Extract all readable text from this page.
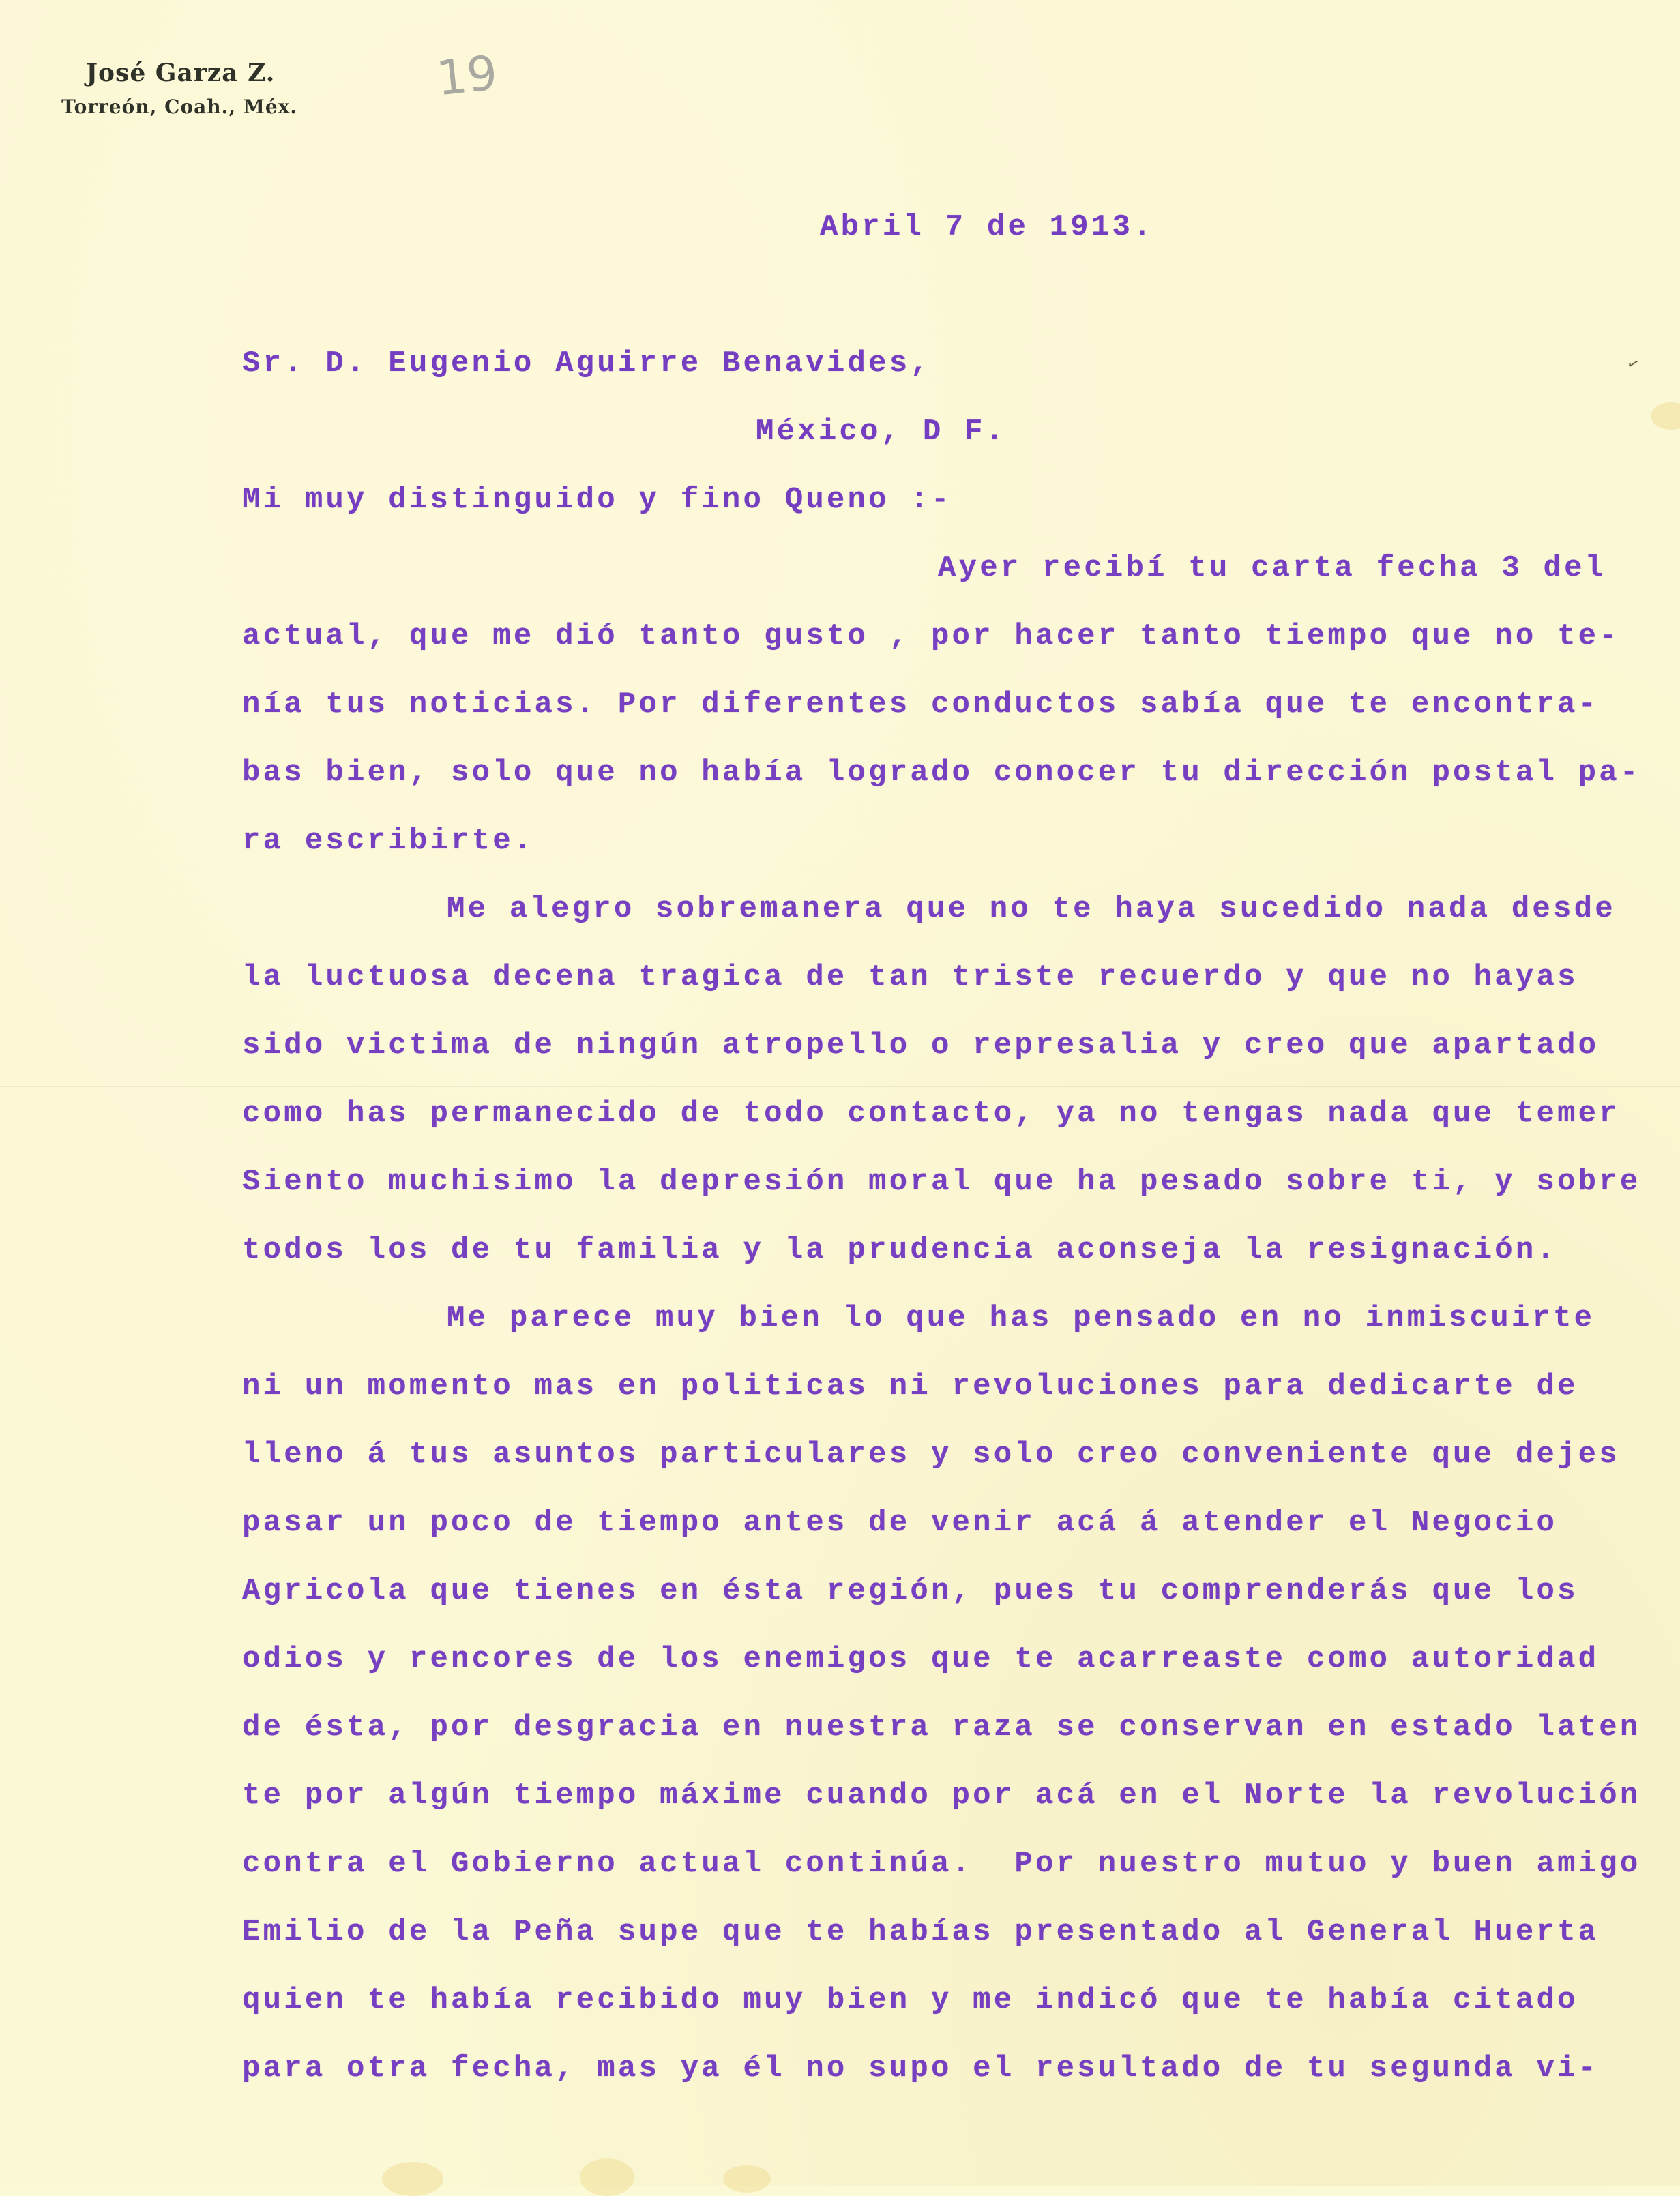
José Garza Z.
Torreón, Coah., Méx.
19
✓
Abril 7 de 1913.
Sr. D. Eugenio Aguirre Benavides,
México, D F.
Mi muy distinguido y fino Queno :-

Ayer recibí tu carta fecha 3 del

actual, que me dió tanto gusto , por hacer tanto tiempo que no te-

nía tus noticias. Por diferentes conductos sabía que te encontra-

bas bien, solo que no había logrado conocer tu dirección postal pa-

ra escribirte.

Me alegro sobremanera que no te haya sucedido nada desde

la luctuosa decena tragica de tan triste recuerdo y que no hayas

sido victima de ningún atropello o represalia y creo que apartado

como has permanecido de todo contacto, ya no tengas nada que temer

Siento muchisimo la depresión moral que ha pesado sobre ti, y sobre

todos los de tu familia y la prudencia aconseja la resignación.

Me parece muy bien lo que has pensado en no inmiscuirte

ni un momento mas en politicas ni revoluciones para dedicarte de

lleno á tus asuntos particulares y solo creo conveniente que dejes

pasar un poco de tiempo antes de venir acá á atender el Negocio

Agricola que tienes en ésta región, pues tu comprenderás que los

odios y rencores de los enemigos que te acarreaste como autoridad

de ésta, por desgracia en nuestra raza se conservan en estado laten

te por algún tiempo máxime cuando por acá en el Norte la revolución

contra el Gobierno actual continúa.  Por nuestro mutuo y buen amigo

Emilio de la Peña supe que te habías presentado al General Huerta

quien te había recibido muy bien y me indicó que te había citado

para otra fecha, mas ya él no supo el resultado de tu segunda vi-
